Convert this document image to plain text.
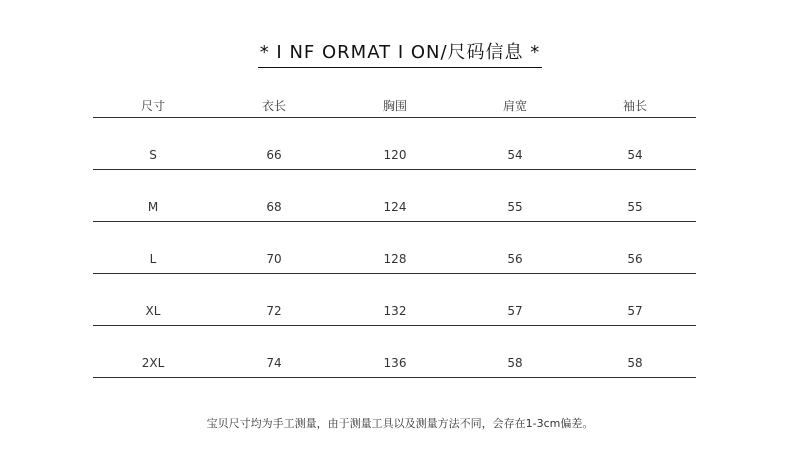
* I NF ORMAT I ON/尺码信息 *
尺寸	衣长	胸围	肩宽	袖长
S	66	120	54	54
M	68	124	55	55
L	70	128	56	56
XL	72	132	57	57
2XL	74	136	58	58
宝贝尺寸均为手工测量，由于测量工具以及测量方法不同，会存在1-3cm偏差。
